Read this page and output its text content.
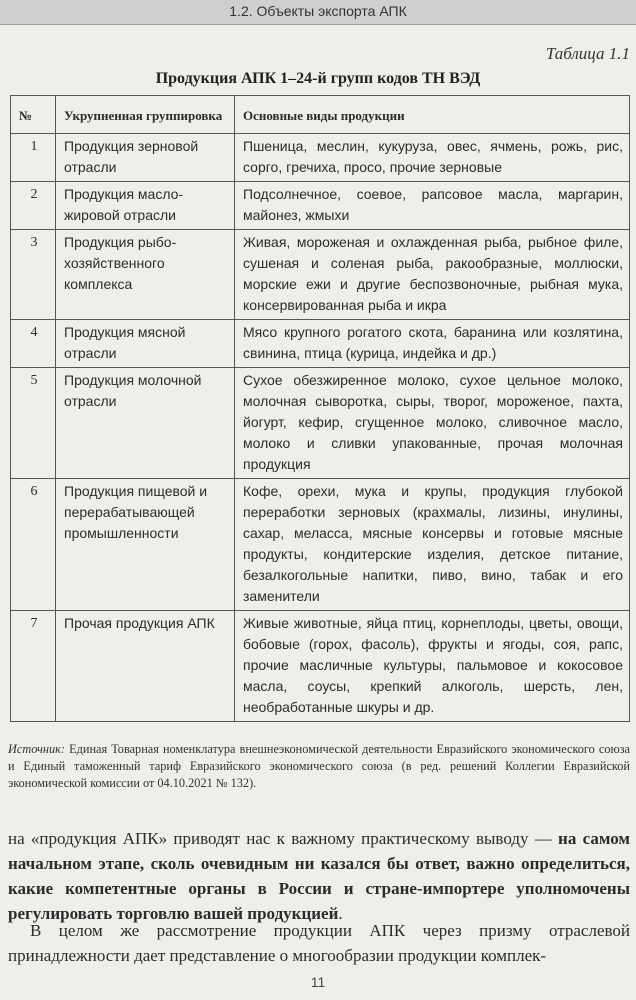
1.2. Объекты экспорта АПК
Таблица 1.1
Продукция АПК 1–24-й групп кодов ТН ВЭД
№	Укрупненная группировка	Основные виды продукции
1	Продукция зерновой отрасли	Пшеница, меслин, кукуруза, овес, ячмень, рожь, рис, сорго, гречиха, просо, прочие зерновые
2	Продукция масло-жировой отрасли	Подсолнечное, соевое, рапсовое масла, маргарин, майонез, жмыхи
3	Продукция рыбо-хозяйственного комплекса	Живая, мороженая и охлажденная рыба, рыбное филе, сушеная и соленая рыба, ракообразные, моллюски, морские ежи и другие беспозвоночные, рыбная мука, консервированная рыба и икра
4	Продукция мясной отрасли	Мясо крупного рогатого скота, баранина или козлятина, свинина, птица (курица, индейка и др.)
5	Продукция молочной отрасли	Сухое обезжиренное молоко, сухое цельное молоко, молочная сыворотка, сыры, творог, мороженое, пахта, йогурт, кефир, сгущенное молоко, сливочное масло, молоко и сливки упакованные, прочая молочная продукция
6	Продукция пищевой и перерабатывающей промышленности	Кофе, орехи, мука и крупы, продукция глубокой переработки зерновых (крахмалы, лизины, инулины, сахар, меласса, мясные консервы и готовые мясные продукты, кондитерские изделия, детское питание, безалкогольные напитки, пиво, вино, табак и его заменители
7	Прочая продукция АПК	Живые животные, яйца птиц, корнеплоды, цветы, овощи, бобовые (горох, фасоль), фрукты и ягоды, соя, рапс, прочие масличные культуры, пальмовое и кокосовое масла, соусы, крепкий алкоголь, шерсть, лен, необработанные шкуры и др.
Источник: Единая Товарная номенклатура внешнеэкономической деятельности Евразийского экономического союза и Единый таможенный тариф Евразийского экономического союза (в ред. решений Коллегии Евразийской экономической комиссии от 04.10.2021 № 132).
на «продукция АПК» приводят нас к важному практическому выводу — на самом начальном этапе, сколь очевидным ни казался бы ответ, важно определиться, какие компетентные органы в России и стране-импортере уполномочены регулировать торговлю вашей продукцией.
В целом же рассмотрение продукции АПК через призму отраслевой принадлежности дает представление о многообразии продукции комплек-
11
